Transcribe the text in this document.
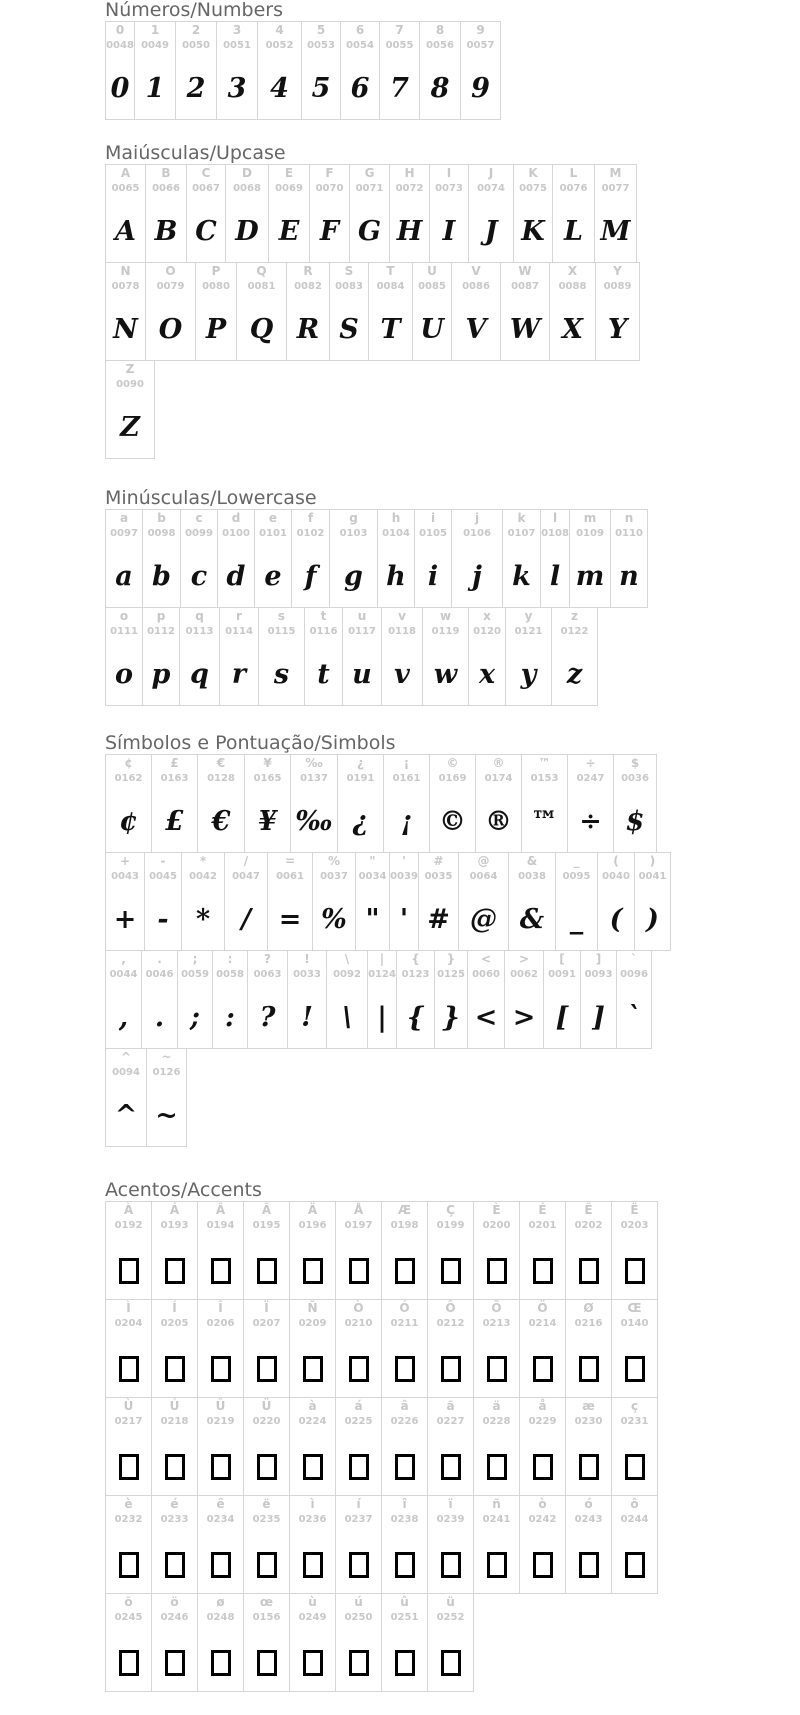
Números/Numbers
0
0048
0
1
0049
1
2
0050
2
3
0051
3
4
0052
4
5
0053
5
6
0054
6
7
0055
7
8
0056
8
9
0057
9
Maiúsculas/Upcase
A
0065
A
B
0066
B
C
0067
C
D
0068
D
E
0069
E
F
0070
F
G
0071
G
H
0072
H
I
0073
I
J
0074
J
K
0075
K
L
0076
L
M
0077
M
N
0078
N
O
0079
O
P
0080
P
Q
0081
Q
R
0082
R
S
0083
S
T
0084
T
U
0085
U
V
0086
V
W
0087
W
X
0088
X
Y
0089
Y
Z
0090
Z
Minúsculas/Lowercase
a
0097
a
b
0098
b
c
0099
c
d
0100
d
e
0101
e
f
0102
f
g
0103
g
h
0104
h
i
0105
i
j
0106
j
k
0107
k
l
0108
l
m
0109
m
n
0110
n
o
0111
o
p
0112
p
q
0113
q
r
0114
r
s
0115
s
t
0116
t
u
0117
u
v
0118
v
w
0119
w
x
0120
x
y
0121
y
z
0122
z
Símbolos e Pontuação/Simbols
¢
0162
¢
£
0163
£
€
0128
€
¥
0165
¥
‰
0137
‰
¿
0191
¿
¡
0161
¡
©
0169
©
®
0174
®
™
0153
™
÷
0247
÷
$
0036
$
+
0043
+
-
0045
-
*
0042
*
/
0047
/
=
0061
=
%
0037
%
"
0034
"
'
0039
'
#
0035
#
@
0064
@
&
0038
&
_
0095
_
(
0040
(
)
0041
)
,
0044
,
.
0046
.
;
0059
;
:
0058
:
?
0063
?
!
0033
!
\
0092
\
|
0124
|
{
0123
{
}
0125
}
<
0060
<
>
0062
>
[
0091
[
]
0093
]
`
0096
`
^
0094
^
~
0126
~
Acentos/Accents
À
0192
Á
0193
Â
0194
Ã
0195
Ä
0196
Å
0197
Æ
0198
Ç
0199
È
0200
É
0201
Ê
0202
Ë
0203
Ì
0204
Í
0205
Î
0206
Ï
0207
Ñ
0209
Ò
0210
Ó
0211
Ô
0212
Õ
0213
Ö
0214
Ø
0216
Œ
0140
Ù
0217
Ú
0218
Û
0219
Ü
0220
à
0224
á
0225
â
0226
ã
0227
ä
0228
å
0229
æ
0230
ç
0231
è
0232
é
0233
ê
0234
ë
0235
ì
0236
í
0237
î
0238
ï
0239
ñ
0241
ò
0242
ó
0243
ô
0244
õ
0245
ö
0246
ø
0248
œ
0156
ù
0249
ú
0250
û
0251
ü
0252
